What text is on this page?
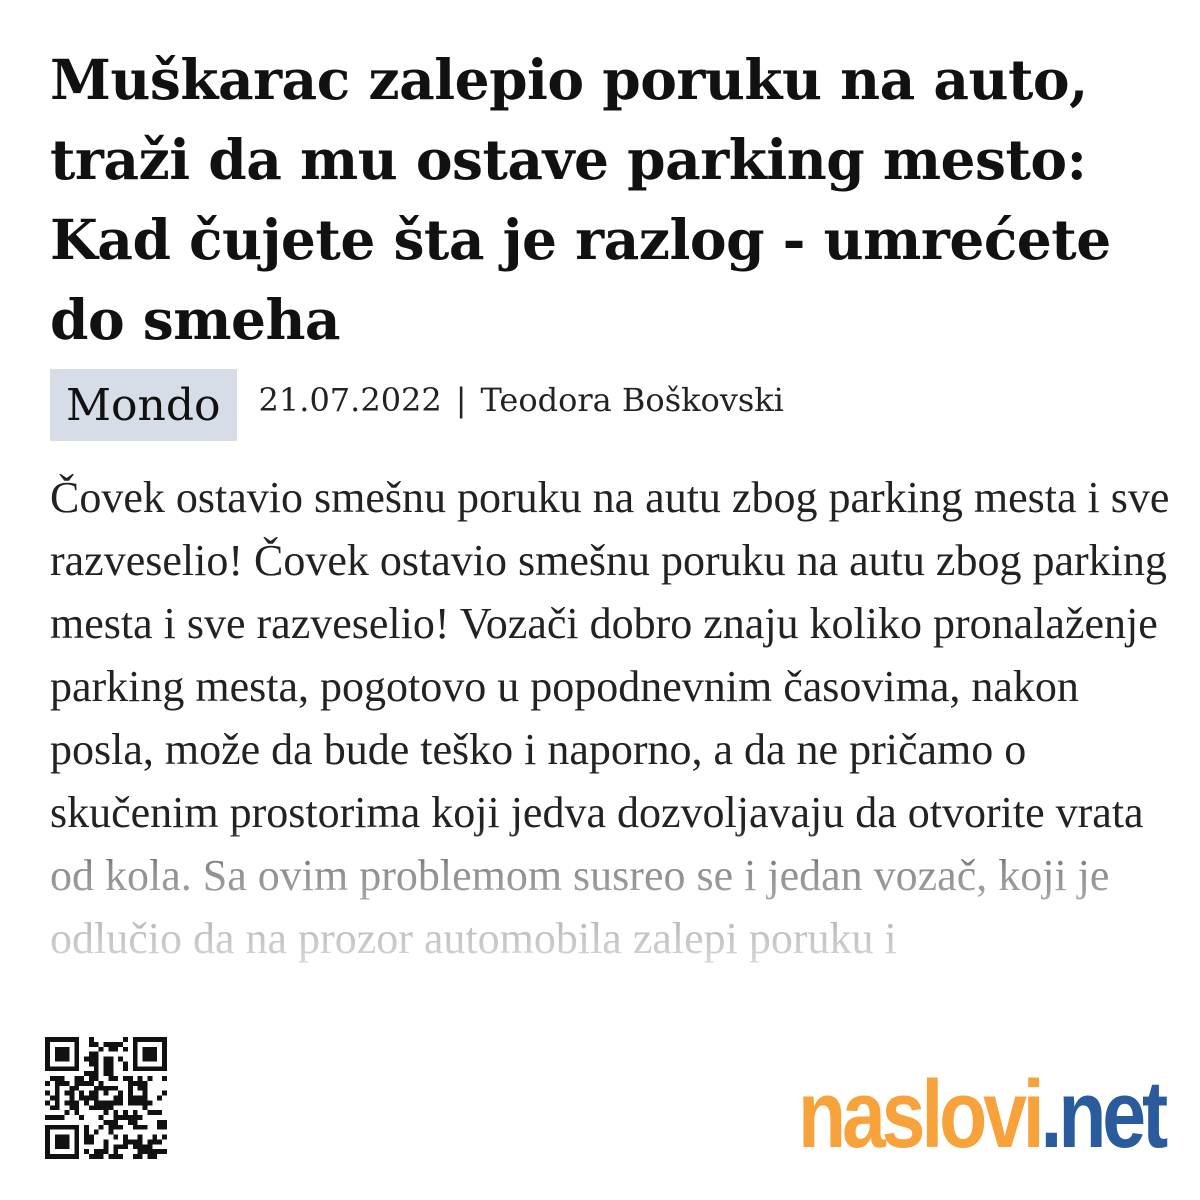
Muškarac zalepio poruku na auto, traži da mu ostave parking mesto: Kad čujete šta je razlog - umrećete do smeha
Mondo	21.07.2022 | Teodora Boškovski

Čovek ostavio smešnu poruku na autu zbog parking mesta i sve razveselio! Čovek ostavio smešnu poruku na autu zbog parking mesta i sve razveselio! Vozači dobro znaju koliko pronalaženje parking mesta, pogotovo u popodnevnim časovima, nakon posla, može da bude teško i naporno, a da ne pričamo o skučenim prostorima koji jedva dozvoljavaju da otvorite vrata od kola. Sa ovim problemom susreo se i jedan vozač, koji je odlučio da na prozor automobila zalepi poruku i

naslovi .net
